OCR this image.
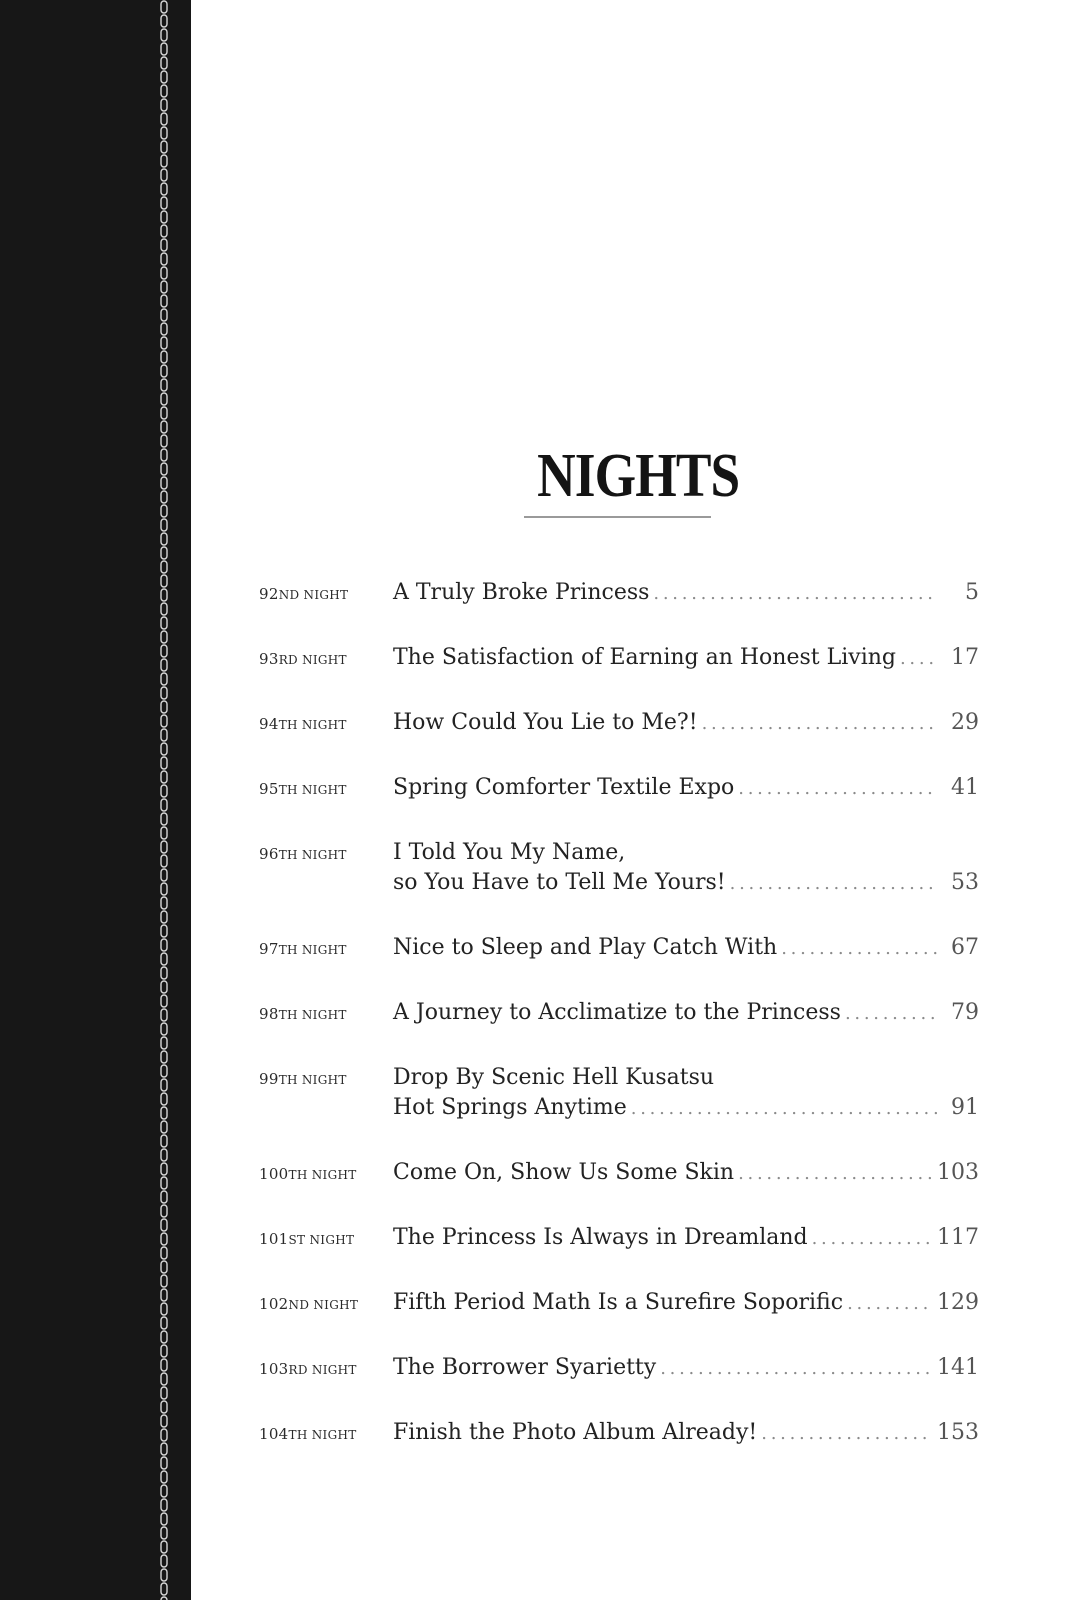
NIGHTS
92ND NIGHT A Truly Broke Princess . . .	5
93RD NIGHT The Satisfaction of Earning an Honest Living . . .	17
94TH NIGHT How Could You Lie to Me?! . . .	29
95TH NIGHT Spring Comforter Textile Expo . . .	41
96TH NIGHT I Told You My Name,
so You Have to Tell Me Yours! . . .	53
97TH NIGHT Nice to Sleep and Play Catch With . . .	67
98TH NIGHT A Journey to Acclimatize to the Princess . . .	79
99TH NIGHT Drop By Scenic Hell Kusatsu
Hot Springs Anytime . . .	91
100TH NIGHT Come On, Show Us Some Skin . . .	103
101ST NIGHT The Princess Is Always in Dreamland . . .	117
102ND NIGHT Fifth Period Math Is a Surefire Soporific . . .	129
103RD NIGHT The Borrower Syarietty . . .	141
104TH NIGHT Finish the Photo Album Already! . . .	153
